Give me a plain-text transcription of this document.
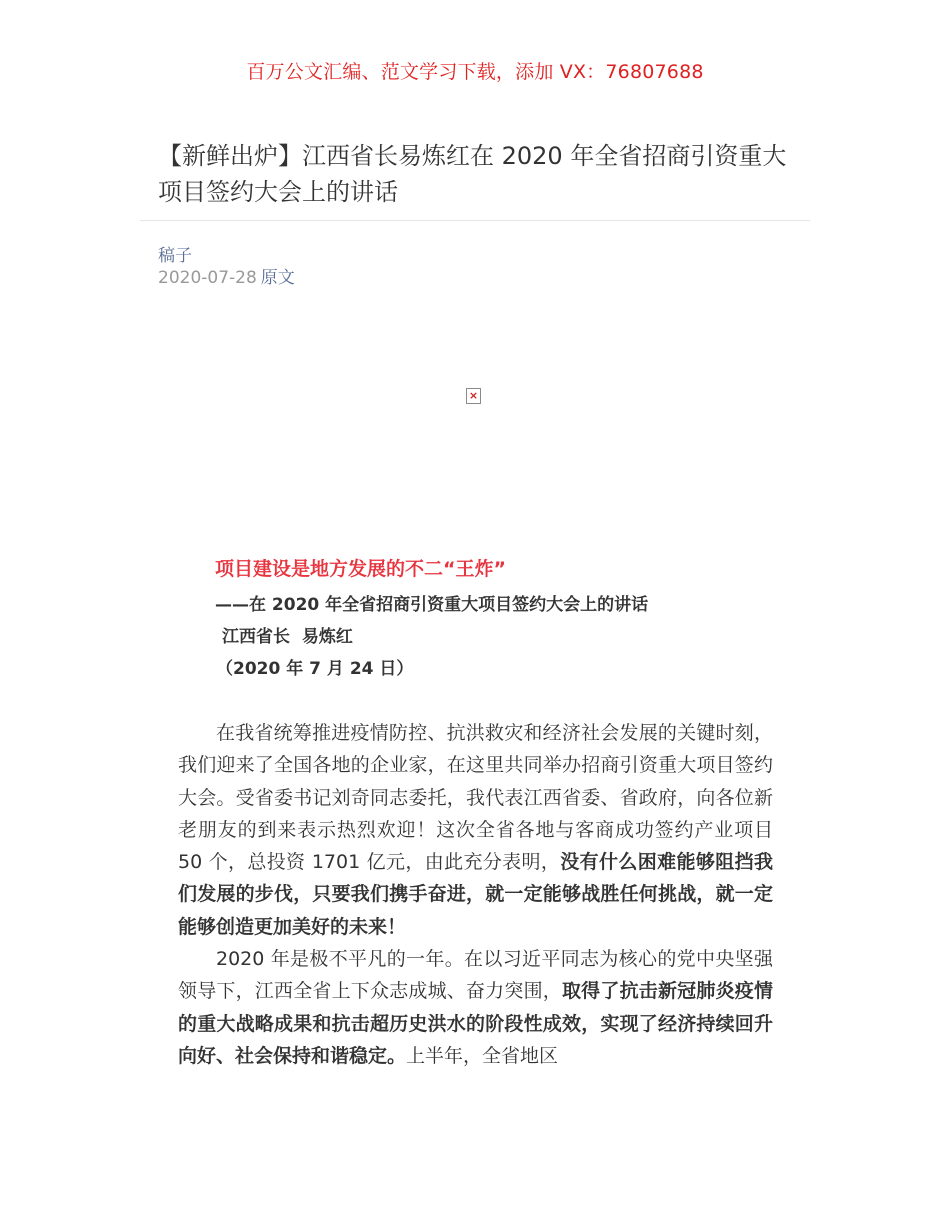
百万公文汇编、范文学习下载，添加 VX：76807688
【新鲜出炉】江西省长易炼红在 2020 年全省招商引资重大项目签约大会上的讲话
稿子
2020-07-28 原文
×
项目建设是地方发展的不二“王炸”
——在 2020 年全省招商引资重大项目签约大会上的讲话
江西省长  易炼红
（2020 年 7 月 24 日）

在我省统筹推进疫情防控、抗洪救灾和经济社会发展的关键时刻，我们迎来了全国各地的企业家，在这里共同举办招商引资重大项目签约大会。受省委书记刘奇同志委托，我代表江西省委、省政府，向各位新老朋友的到来表示热烈欢迎！这次全省各地与客商成功签约产业项目 50 个，总投资 1701 亿元，由此充分表明，没有什么困难能够阻挡我们发展的步伐，只要我们携手奋进，就一定能够战胜任何挑战，就一定能够创造更加美好的未来！

2020 年是极不平凡的一年。在以习近平同志为核心的党中央坚强领导下，江西全省上下众志成城、奋力突围，取得了抗击新冠肺炎疫情的重大战略成果和抗击超历史洪水的阶段性成效，实现了经济持续回升向好、社会保持和谐稳定。上半年，全省地区
